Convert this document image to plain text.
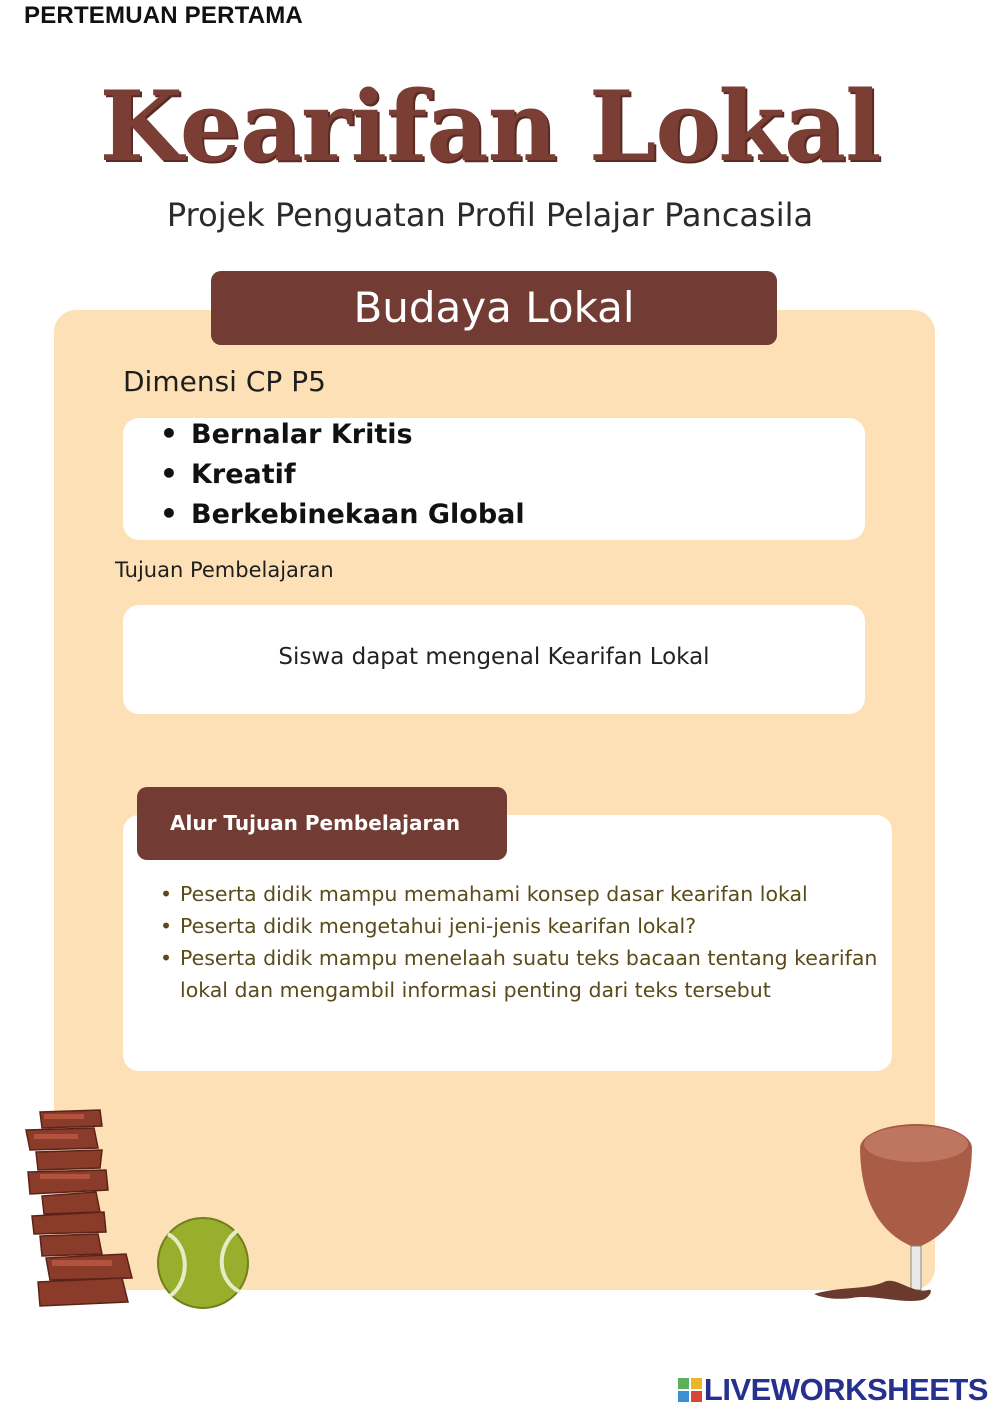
PERTEMUAN PERTAMA
Kearifan Lokal
Projek Penguatan Profil Pelajar Pancasila
Budaya Lokal
Dimensi CP P5
• Bernalar Kritis
• Kreatif
• Berkebinekaan Global
Tujuan Pembelajaran
Siswa dapat mengenal Kearifan Lokal
Alur Tujuan Pembelajaran
• Peserta didik mampu memahami konsep dasar kearifan lokal
• Peserta didik mengetahui jeni-jenis kearifan lokal?
• Peserta didik mampu menelaah suatu teks bacaan tentang kearifan lokal dan mengambil informasi penting dari teks tersebut
LIVEWORKSHEETS
